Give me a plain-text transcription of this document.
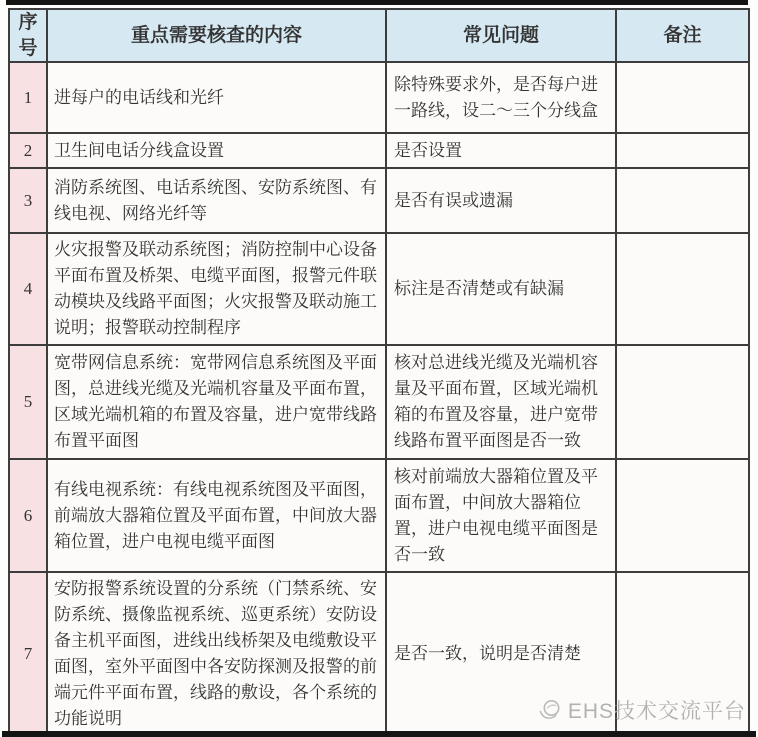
序号	重点需要核查的内容	常见问题	备注
1	进每户的电话线和光纤	除特殊要求外，是否每户进一路线，设二～三个分线盒	
2	卫生间电话分线盒设置	是否设置	
3	消防系统图、电话系统图、安防系统图、有线电视、网络光纤等	是否有误或遗漏	
4	火灾报警及联动系统图；消防控制中心设备平面布置及桥架、电缆平面图，报警元件联动模块及线路平面图；火灾报警及联动施工说明；报警联动控制程序	标注是否清楚或有缺漏	
5	宽带网信息系统：宽带网信息系统图及平面图，总进线光缆及光端机容量及平面布置，区域光端机箱的布置及容量，进户宽带线路布置平面图	核对总进线光缆及光端机容量及平面布置，区域光端机箱的布置及容量，进户宽带线路布置平面图是否一致	
6	有线电视系统：有线电视系统图及平面图，前端放大器箱位置及平面布置，中间放大器箱位置，进户电视电缆平面图	核对前端放大器箱位置及平面布置，中间放大器箱位置，进户电视电缆平面图是否一致	
7	安防报警系统设置的分系统（门禁系统、安防系统、摄像监视系统、巡更系统）安防设备主机平面图，进线出线桥架及电缆敷设平面图，室外平面图中各安防探测及报警的前端元件平面布置，线路的敷设，各个系统的功能说明	是否一致，说明是否清楚	

EHS技术交流平台
